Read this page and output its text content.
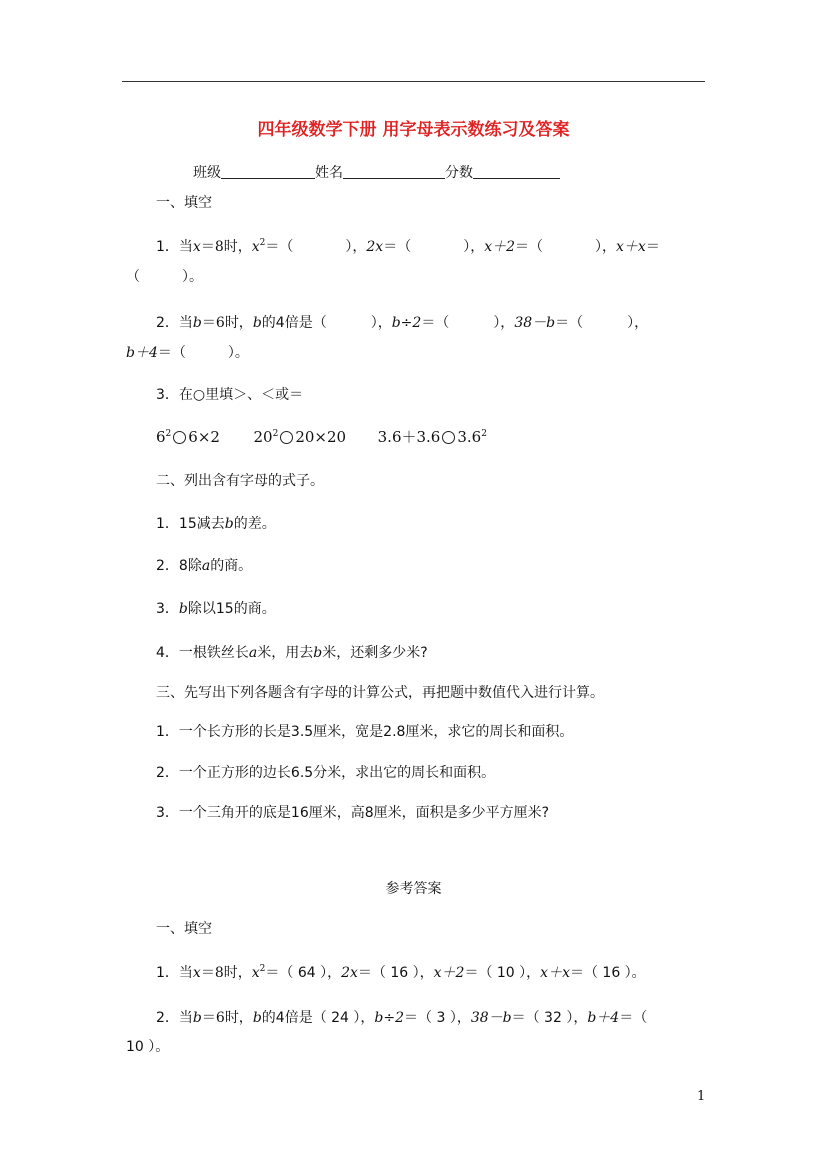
四年级数学下册 用字母表示数练习及答案
班级	姓名	分数
一、填空
1．当x＝8时，$x^2=$（	），2x＝（	），x＋2＝（	），x＋x＝
（　　　）。
2．当b＝6时，b的4倍是（	），b÷2＝（	），38－b＝（	），
b＋4＝（　　　）。
3．在○里填＞、＜或＝
$6^2$ 6×2 $20^2$ 20×20 3.6＋3.6 $3.6^2$
二、列出含有字母的式子。
1．15减去b的差。
2．8除a的商。
3．b除以15的商。
4．一根铁丝长a米，用去b米，还剩多少米?
三、先写出下列各题含有字母的计算公式，再把题中数值代入进行计算。
1．一个长方形的长是3.5厘米，宽是2.8厘米，求它的周长和面积。
2．一个正方形的边长6.5分米，求出它的周长和面积。
3．一个三角开的底是16厘米，高8厘米，面积是多少平方厘米?
参考答案
一、填空
1．当x＝8时，$x^2=$（ 64 ），2x＝（ 16 ），x＋2＝（ 10 ），x＋x＝（ 16 ）。
2．当b＝6时，b的4倍是（ 24 ），b÷2＝（ 3 ），38－b＝（ 32 ），b＋4＝（
10 ）。
1
